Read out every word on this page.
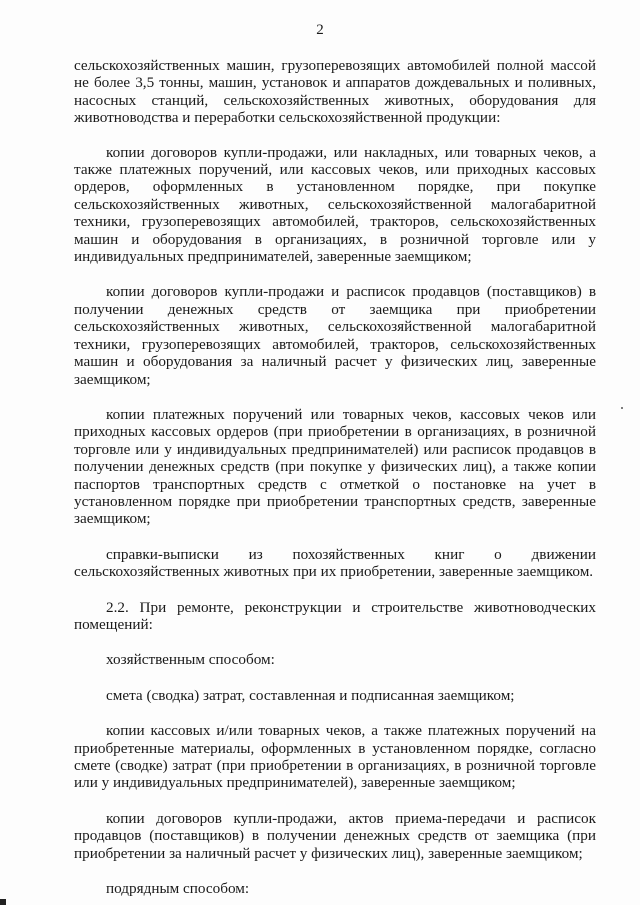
2

сельскохозяйственных машин, грузоперевозящих автомобилей полной массой не более 3,5 тонны, машин, установок и аппаратов дождевальных и поливных, насосных станций, сельскохозяйственных животных, оборудования для животноводства и переработки сельскохозяйственной продукции:

копии договоров купли-продажи, или накладных, или товарных чеков, а также платежных поручений, или кассовых чеков, или приходных кассовых ордеров, оформленных в установленном порядке, при покупке сельскохозяйственных животных, сельскохозяйственной малогабаритной техники, грузоперевозящих автомобилей, тракторов, сельскохозяйственных машин и оборудования в организациях, в розничной торговле или у индивидуальных предпринимателей, заверенные заемщиком;

копии договоров купли-продажи и расписок продавцов (поставщиков) в получении денежных средств от заемщика при приобретении сельскохозяйственных животных, сельскохозяйственной малогабаритной техники, грузоперевозящих автомобилей, тракторов, сельскохозяйственных машин и оборудования за наличный расчет у физических лиц, заверенные заемщиком;

копии платежных поручений или товарных чеков, кассовых чеков или приходных кассовых ордеров (при приобретении в организациях, в розничной торговле или у индивидуальных предпринимателей) или расписок продавцов в получении денежных средств (при покупке у физических лиц), а также копии паспортов транспортных средств с отметкой о постановке на учет в установленном порядке при приобретении транспортных средств, заверенные заемщиком;

справки-выписки из похозяйственных книг о движении сельскохозяйственных животных при их приобретении, заверенные заемщиком.

2.2. При ремонте, реконструкции и строительстве животноводческих помещений:

хозяйственным способом:

смета (сводка) затрат, составленная и подписанная заемщиком;

копии кассовых и/или товарных чеков, а также платежных поручений на приобретенные материалы, оформленных в установленном порядке, согласно смете (сводке) затрат (при приобретении в организациях, в розничной торговле или у индивидуальных предпринимателей), заверенные заемщиком;

копии договоров купли-продажи, актов приема-передачи и расписок продавцов (поставщиков) в получении денежных средств от заемщика (при приобретении за наличный расчет у физических лиц), заверенные заемщиком;

подрядным способом:
